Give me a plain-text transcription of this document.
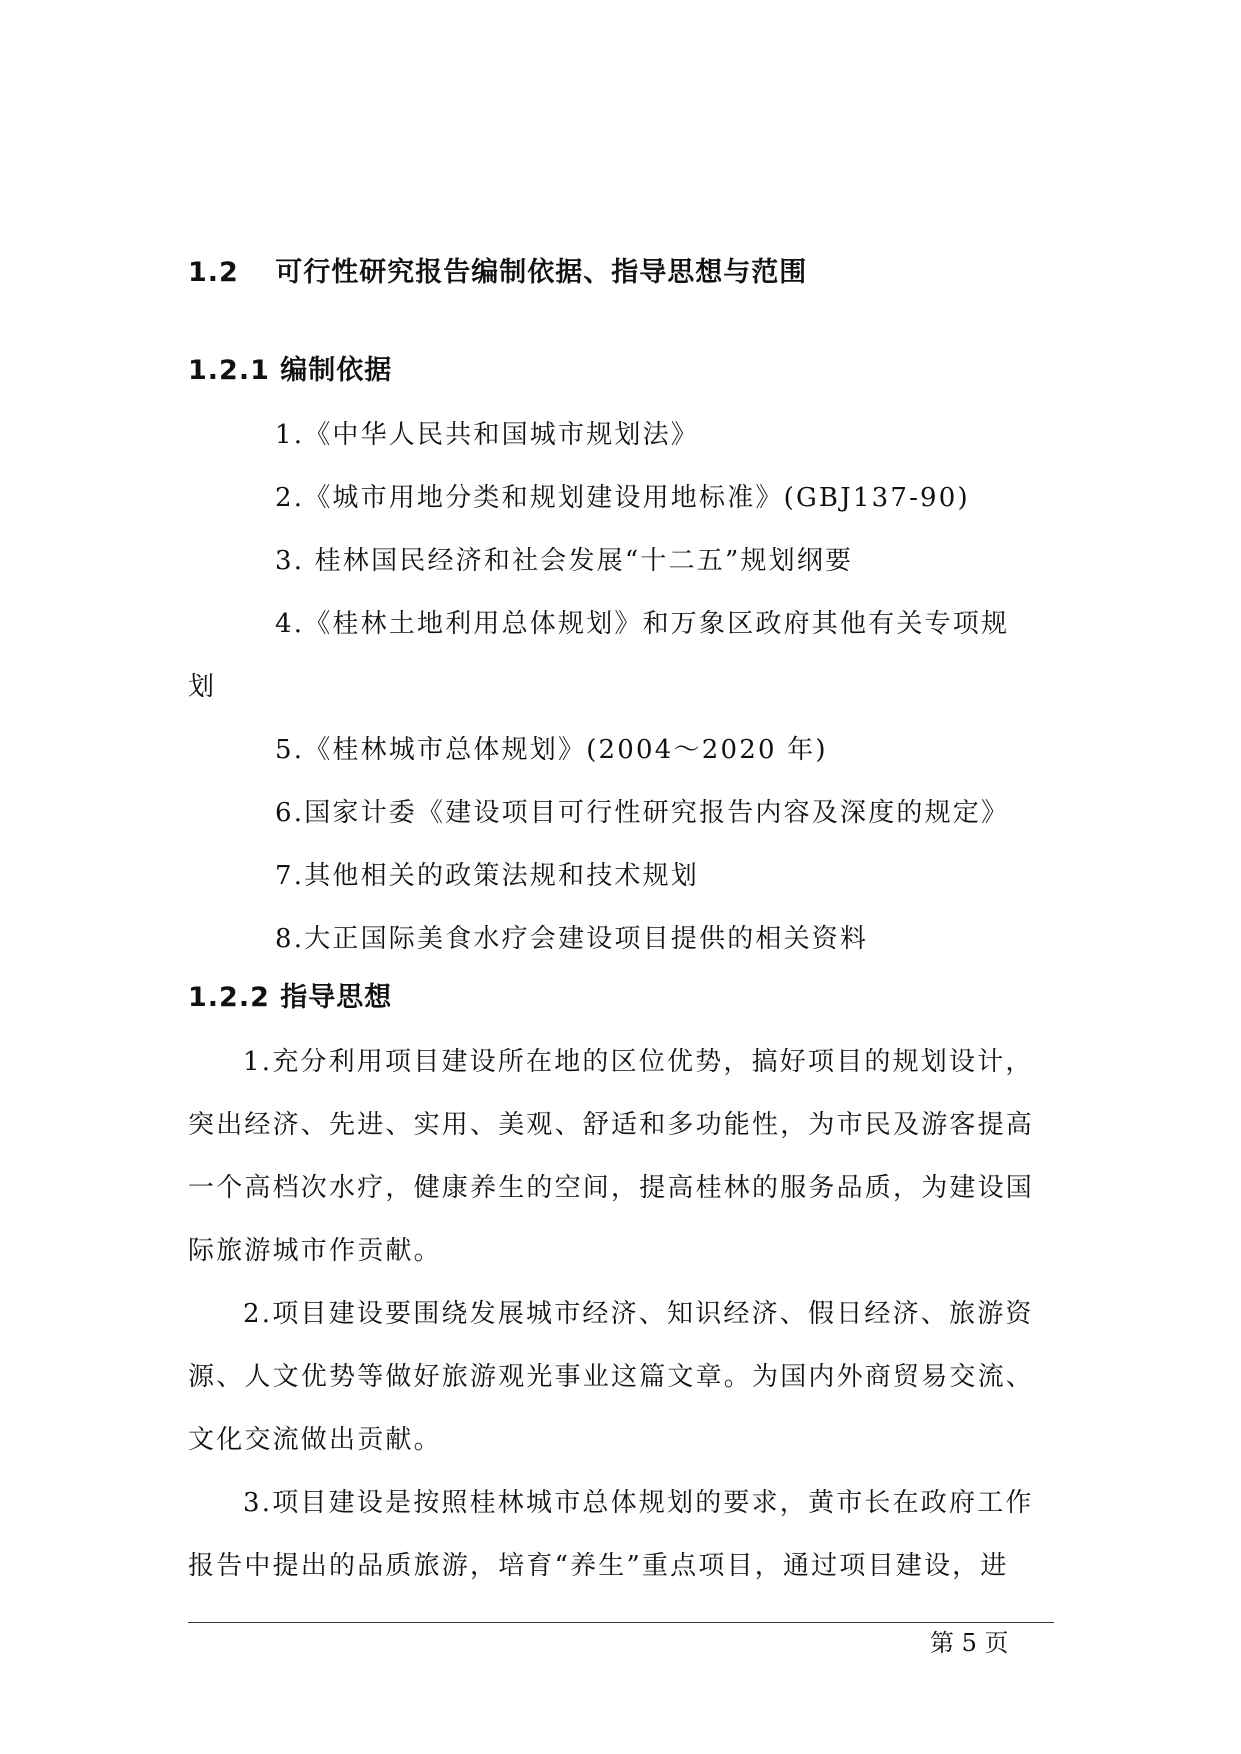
1.2 可行性研究报告编制依据、指导思想与范围
1.2.1 编制依据
1.《中华人民共和国城市规划法》
2.《城市用地分类和规划建设用地标准》(GBJ137-90)
3. 桂林国民经济和社会发展“十二五”规划纲要
4.《桂林土地利用总体规划》和万象区政府其他有关专项规
划
5.《桂林城市总体规划》(2004～2020 年)
6.国家计委《建设项目可行性研究报告内容及深度的规定》
7.其他相关的政策法规和技术规划
8.大正国际美食水疗会建设项目提供的相关资料
1.2.2 指导思想
1.充分利用项目建设所在地的区位优势，搞好项目的规划设计，
突出经济、先进、实用、美观、舒适和多功能性，为市民及游客提高
一个高档次水疗，健康养生的空间，提高桂林的服务品质，为建设国
际旅游城市作贡献。
2.项目建设要围绕发展城市经济、知识经济、假日经济、旅游资
源、人文优势等做好旅游观光事业这篇文章。为国内外商贸易交流、
文化交流做出贡献。
3.项目建设是按照桂林城市总体规划的要求，黄市长在政府工作
报告中提出的品质旅游，培育“养生”重点项目，通过项目建设，进
第 5 页
